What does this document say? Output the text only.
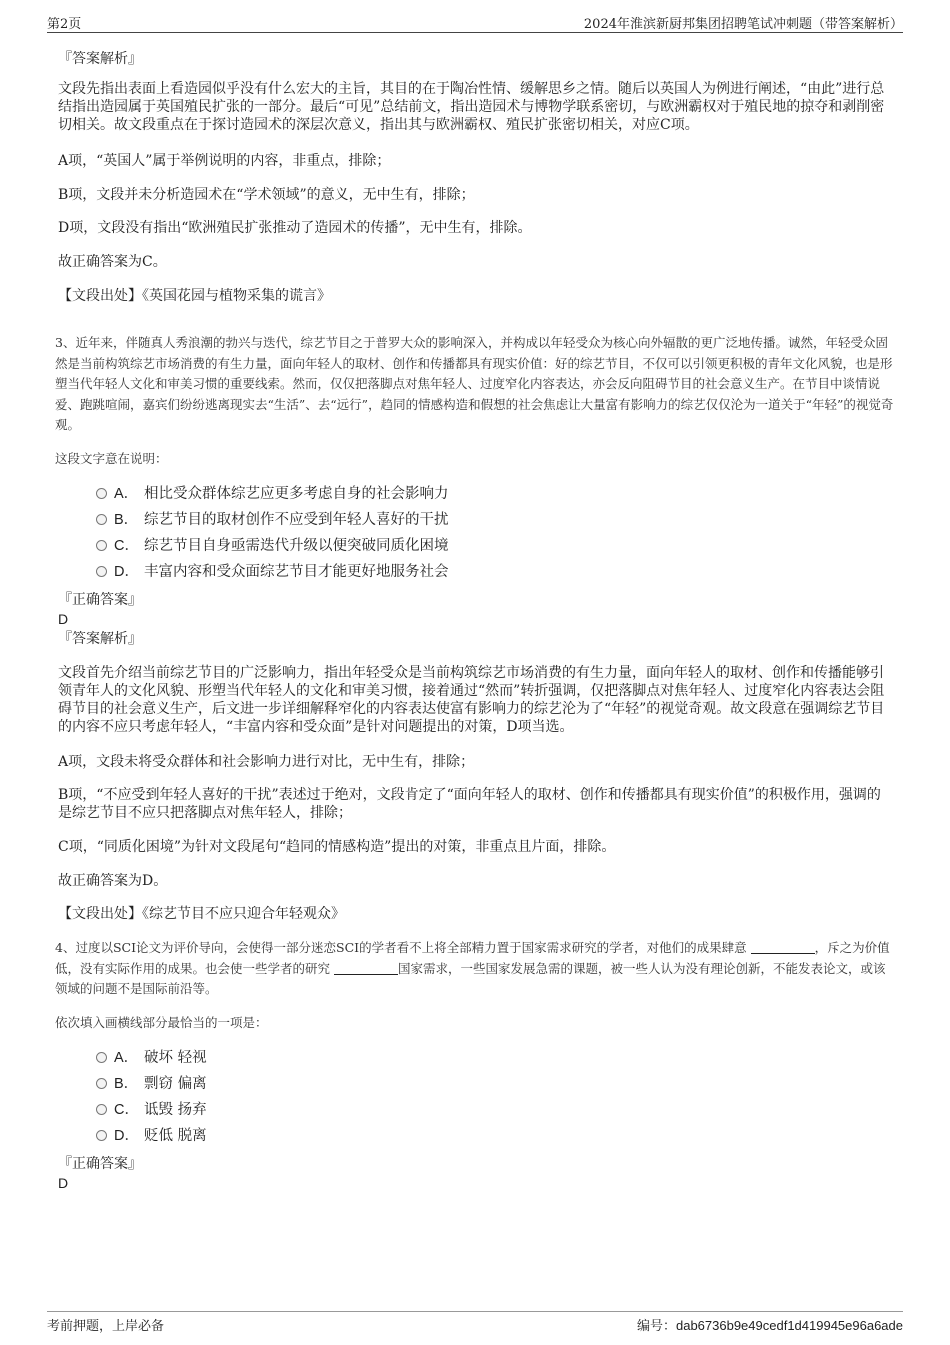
第2页	2024年淮滨新厨邦集团招聘笔试冲刺题（带答案解析）
『答案解析』
文段先指出表面上看造园似乎没有什么宏大的主旨，其目的在于陶冶性情、缓解思乡之情。随后以英国人为例进行阐述，“由此”进行总结指出造园属于英国殖民扩张的一部分。最后“可见”总结前文，指出造园术与博物学联系密切，与欧洲霸权对于殖民地的掠夺和剥削密切相关。故文段重点在于探讨造园术的深层次意义，指出其与欧洲霸权、殖民扩张密切相关，对应C项。
A项，“英国人”属于举例说明的内容，非重点，排除；
B项，文段并未分析造园术在“学术领域”的意义，无中生有，排除；
D项，文段没有指出“欧洲殖民扩张推动了造园术的传播”，无中生有，排除。
故正确答案为C。
【文段出处】《英国花园与植物采集的谎言》
3、近年来，伴随真人秀浪潮的勃兴与迭代，综艺节目之于普罗大众的影响深入，并构成以年轻受众为核心向外辐散的更广泛地传播。诚然，年轻受众固然是当前构筑综艺市场消费的有生力量，面向年轻人的取材、创作和传播都具有现实价值：好的综艺节目，不仅可以引领更积极的青年文化风貌，也是形塑当代年轻人文化和审美习惯的重要线索。然而，仅仅把落脚点对焦年轻人、过度窄化内容表达，亦会反向阻碍节目的社会意义生产。在节目中谈情说爱、跑跳喧闹，嘉宾们纷纷逃离现实去“生活”、去“远行”，趋同的情感构造和假想的社会焦虑让大量富有影响力的综艺仅仅沦为一道关于“年轻”的视觉奇观。
这段文字意在说明：
A． 相比受众群体综艺应更多考虑自身的社会影响力
B． 综艺节目的取材创作不应受到年轻人喜好的干扰
C． 综艺节目自身亟需迭代升级以便突破同质化困境
D． 丰富内容和受众面综艺节目才能更好地服务社会
『正确答案』
D
『答案解析』
文段首先介绍当前综艺节目的广泛影响力，指出年轻受众是当前构筑综艺市场消费的有生力量，面向年轻人的取材、创作和传播能够引领青年人的文化风貌、形塑当代年轻人的文化和审美习惯，接着通过“然而”转折强调，仅把落脚点对焦年轻人、过度窄化内容表达会阻碍节目的社会意义生产，后文进一步详细解释窄化的内容表达使富有影响力的综艺沦为了“年轻”的视觉奇观。故文段意在强调综艺节目的内容不应只考虑年轻人，“丰富内容和受众面”是针对问题提出的对策，D项当选。
A项，文段未将受众群体和社会影响力进行对比，无中生有，排除；
B项，“不应受到年轻人喜好的干扰”表述过于绝对，文段肯定了“面向年轻人的取材、创作和传播都具有现实价值”的积极作用，强调的是综艺节目不应只把落脚点对焦年轻人，排除；
C项，“同质化困境”为针对文段尾句“趋同的情感构造”提出的对策，非重点且片面，排除。
故正确答案为D。
【文段出处】《综艺节目不应只迎合年轻观众》
4、过度以SCI论文为评价导向，会使得一部分迷恋SCI的学者看不上将全部精力置于国家需求研究的学者，对他们的成果肆意	，斥之为价值低，没有实际作用的成果。也会使一些学者的研究	国家需求，一些国家发展急需的课题，被一些人认为没有理论创新，不能发表论文，或该领域的问题不是国际前沿等。
依次填入画横线部分最恰当的一项是：
A． 破坏 轻视
B． 剽窃 偏离
C． 诋毁 扬弃
D． 贬低 脱离
『正确答案』
D
考前押题，上岸必备	编号：dab6736b9e49cedf1d419945e96a6ade
